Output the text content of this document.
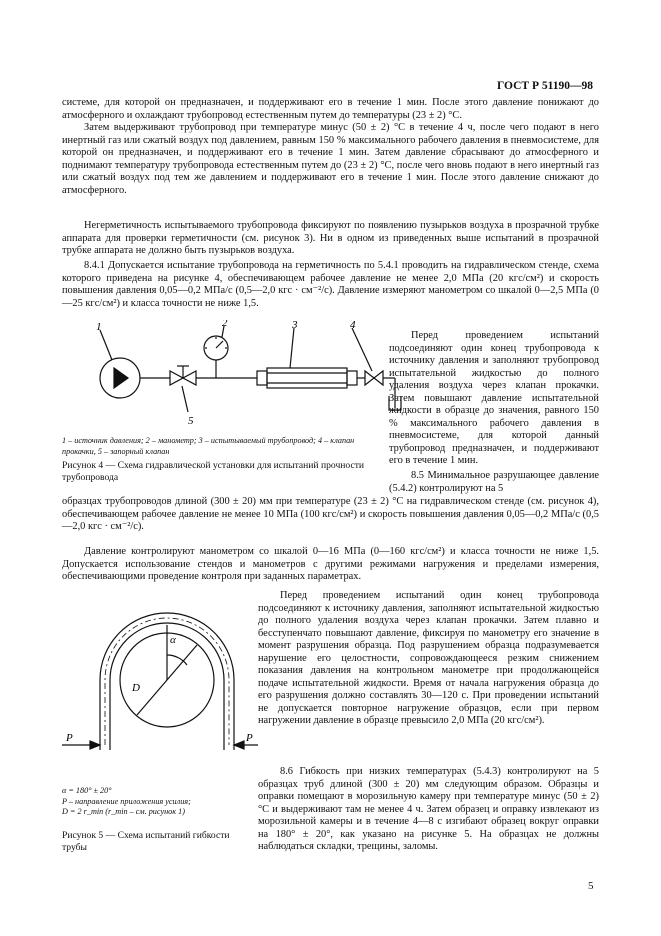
ГОСТ Р 51190—98

системе, для которой он предназначен, и поддерживают его в течение 1 мин. После этого давление понижают до атмосферного и охлаждают трубопровод естественным путем до температуры (23 ± 2) °С.

Затем выдерживают трубопровод при температуре минус (50 ± 2) °С в течение 4 ч, после чего подают в него инертный газ или сжатый воздух под давлением, равным 150 % максимального рабочего давления в пневмосистеме, для которой он предназначен, и поддерживают его в течение 1 мин. Затем давление сбрасывают до атмосферного и поднимают температуру трубопровода естественным путем до (23 ± 2) °С, после чего вновь подают в него инертный газ или сжатый воздух под тем же давлением и поддерживают его в течение 1 мин. После этого давление снижают до атмосферного.

Негерметичность испытываемого трубопровода фиксируют по появлению пузырьков воздуха в прозрачной трубке аппарата для проверки герметичности (см. рисунок 3). Ни в одном из приведенных выше испытаний в прозрачной трубке аппарата не должно быть пузырьков воздуха.

8.4.1 Допускается испытание трубопровода на герметичность по 5.4.1 проводить на гидравлическом стенде, схема которого приведена на рисунке 4, обеспечивающем рабочее давление не менее 2,0 МПа (20 кгс/см²) и скорость повышения давления 0,05—0,2 МПа/с (0,5—2,0 кгс · см⁻²/с). Давление измеряют манометром со шкалой 0—2,5 МПа (0—25 кгс/см²) и класса точности не ниже 1,5.

1	2	3	4
5

1 – источник давления; 2 – манометр; 3 – испытываемый трубопровод; 4 – клапан прокачки, 5 – запорный клапан

Рисунок 4 — Схема гидравлической установки для испытаний прочности трубопровода

Перед проведением испытаний подсоединяют один конец трубопровода к источнику давления и заполняют трубопровод испытательной жидкостью до полного удаления воздуха через клапан прокачки. Затем повышают давление испытательной жидкости в образце до значения, равного 150 % максимального рабочего давления в пневмосистеме, для которой данный трубопровод предназначен, и поддерживают его в течение 1 мин.

8.5 Минимальное разрушающее давление (5.4.2) контролируют на 5

образцах трубопроводов длиной (300 ± 20) мм при температуре (23 ± 2) °С на гидравлическом стенде (см. рисунок 4), обеспечивающем рабочее давление не менее 10 МПа (100 кгс/см²) и скорость повышения давления 0,05—0,2 МПа/с (0,5—2,0 кгс · см⁻²/с).

Давление контролируют манометром со шкалой 0—16 МПа (0—160 кгс/см²) и класса точности не ниже 1,5. Допускается использование стендов и манометров с другими режимами нагружения и пределами измерения, обеспечивающими проведение контроля при заданных параметрах.

α
D
P	P

α = 180° ± 20°

P – направление приложения усилия;

D = 2 r_min (r_min – см. рисунок 1)

Рисунок 5 — Схема испытаний гибкости трубы

Перед проведением испытаний один конец трубопровода подсоединяют к источнику давления, заполняют испытательной жидкостью до полного удаления воздуха через клапан прокачки. Затем плавно и бесступенчато повышают давление, фиксируя по манометру его значение в момент разрушения образца. Под разрушением образца подразумевается нарушение его целостности, сопровождающееся резким снижением показания давления на контрольном манометре при продолжающейся подаче испытательной жидкости. Время от начала нагружения образца до его разрушения должно составлять 30—120 с. При проведении испытаний не допускается повторное нагружение образцов, если при первом нагружении давление в образце превысило 2,0 МПа (20 кгс/см²).

8.6 Гибкость при низких температурах (5.4.3) контролируют на 5 образцах труб длиной (300 ± 20) мм следующим образом. Образцы и оправки помещают в морозильную камеру при температуре минус (50 ± 2) °С и выдерживают там не менее 4 ч. Затем образец и оправку извлекают из морозильной камеры и в течение 4—8 с изгибают образец вокруг оправки на 180° ± 20°, как указано на рисунке 5. На образцах не должны наблюдаться складки, трещины, заломы.

5
